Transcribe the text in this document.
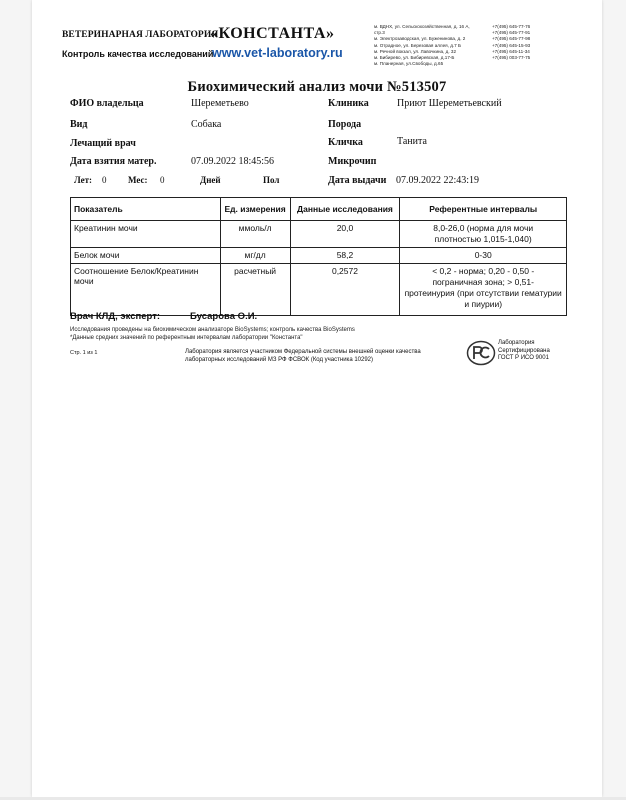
ВЕТЕРИНАРНАЯ ЛАБОРАТОРИЯ
«КОНСТАНТА»
Контроль качества исследований
www.vet-laboratory.ru
м. ВДНХ, ул. Сельскохозяйственная, д. 16 А, стр.3
м. Электрозаводская, ул. Буженинова, д. 2
м. Отрадное, ул. Березовая аллея, д.7 Б
м. Речной вокзал, ул. Лавочкина, д. 32
м. Бибирево, ул. Бибиревская, д.17-Б
м. Планерная, ул.Свободы, д.65
+7(495) 645-77-76
+7(495) 645-77-91
+7(495) 645-77-98
+7(495) 645-15-93
+7(495) 645-11-34
+7(495) 003-77-75
Биохимический анализ мочи №513507
ФИО владельца	Шереметьево	Клиника	Приют Шереметьевский
Вид	Собака	Порода
Лечащий врач	Кличка	Танита
Дата взятия матер.	07.09.2022 18:45:56	Микрочип
Лет: 0 Мес: 0	Дней	Пол	Дата выдачи 07.09.2022 22:43:19
Показатель	Ед. измерения	Данные исследования	Референтные интервалы
Креатинин мочи	ммоль/л	20,0	8,0-26,0 (норма для мочи
плотностью 1,015-1,040)

Белок мочи	мг/дл	58,2	0-30

Соотношение Белок/Креатинин мочи	расчетный	0,2572	< 0,2 - норма; 0,20 - 0,50 -
пограничная зона; > 0,51-
протеинурия (при отсутствии гематурии и пиурии)
Врач КЛД, эксперт:	Бусарова О.И.
Исследования проведены на биохимическом анализаторе BioSystems; контроль качества BioSystems
*Данные средних значений по референтным интервалам лаборатории "Константа"
Стр. 1 из 1	Лаборатория является участником Федеральной системы внешней оценки качества
лабораторных исследований МЗ РФ ФСВОК (Код участника 10292)
Лаборатория
Сертифицирована
ГОСТ Р ИСО 9001
